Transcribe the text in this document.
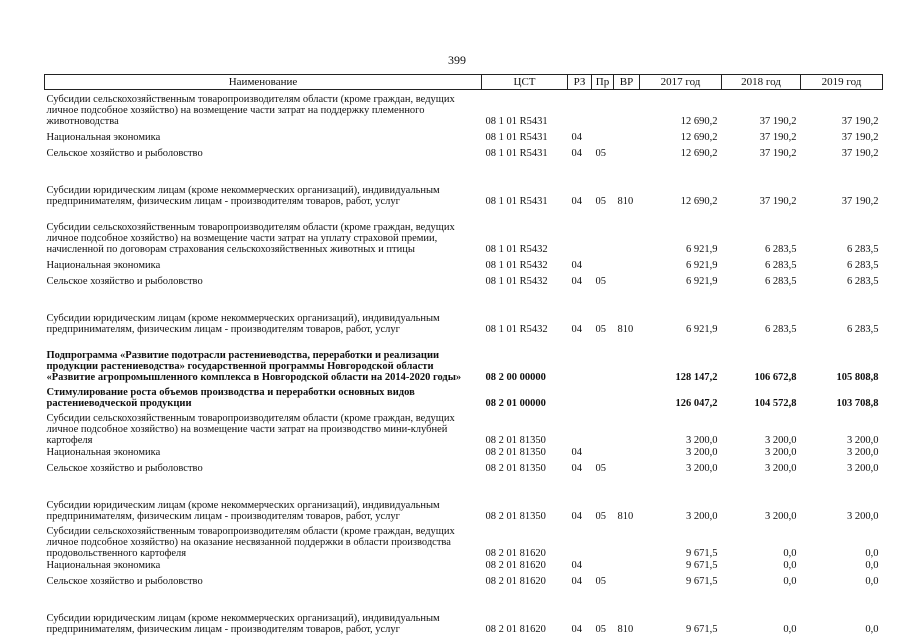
399
Наименование	ЦСТ	РЗ	Пр	ВР	2017 год	2018 год	2019 год
Субсидии сельскохозяйственным товаропроизводителям области (кроме граждан, ведущих личное подсобное хозяйство) на возмещение части затрат на поддержку племенного животноводства	08 1 01 R5431				12 690,2	37 190,2	37 190,2
Национальная экономика	08 1 01 R5431	04			12 690,2	37 190,2	37 190,2
Сельское хозяйство и рыболовство	08 1 01 R5431	04	05		12 690,2	37 190,2	37 190,2
Субсидии юридическим лицам (кроме некоммерческих организаций), индивидуальным предпринимателям, физическим лицам - производителям товаров, работ, услуг	08 1 01 R5431	04	05	810	12 690,2	37 190,2	37 190,2
Субсидии сельскохозяйственным товаропроизводителям области (кроме граждан, ведущих личное подсобное хозяйство) на возмещение части затрат на уплату страховой премии, начисленной по договорам страхования сельскохозяйственных животных и птицы	08 1 01 R5432				6 921,9	6 283,5	6 283,5
Национальная экономика	08 1 01 R5432	04			6 921,9	6 283,5	6 283,5
Сельское хозяйство и рыболовство	08 1 01 R5432	04	05		6 921,9	6 283,5	6 283,5
Субсидии юридическим лицам (кроме некоммерческих организаций), индивидуальным предпринимателям, физическим лицам - производителям товаров, работ, услуг	08 1 01 R5432	04	05	810	6 921,9	6 283,5	6 283,5
Подпрограмма «Развитие подотрасли растениеводства, переработки и реализации продукции растениеводства» государственной программы Новгородской области «Развитие агропромышленного комплекса в Новгородской области на 2014-2020 годы»	08 2 00 00000				128 147,2	106 672,8	105 808,8
Стимулирование роста объемов производства и переработки основных видов растениеводческой продукции	08 2 01 00000				126 047,2	104 572,8	103 708,8
Субсидии сельскохозяйственным товаропроизводителям области (кроме граждан, ведущих личное подсобное хозяйство) на возмещение части затрат на производство мини-клубней картофеля	08 2 01 81350				3 200,0	3 200,0	3 200,0
Национальная экономика	08 2 01 81350	04			3 200,0	3 200,0	3 200,0
Сельское хозяйство и рыболовство	08 2 01 81350	04	05		3 200,0	3 200,0	3 200,0
Субсидии юридическим лицам (кроме некоммерческих организаций), индивидуальным предпринимателям, физическим лицам - производителям товаров, работ, услуг	08 2 01 81350	04	05	810	3 200,0	3 200,0	3 200,0
Субсидии сельскохозяйственным товаропроизводителям области (кроме граждан, ведущих личное подсобное хозяйство) на оказание несвязанной поддержки в области производства продовольственного картофеля	08 2 01 81620				9 671,5	0,0	0,0
Национальная экономика	08 2 01 81620	04			9 671,5	0,0	0,0
Сельское хозяйство и рыболовство	08 2 01 81620	04	05		9 671,5	0,0	0,0
Субсидии юридическим лицам (кроме некоммерческих организаций), индивидуальным предпринимателям, физическим лицам - производителям товаров, работ, услуг	08 2 01 81620	04	05	810	9 671,5	0,0	0,0
